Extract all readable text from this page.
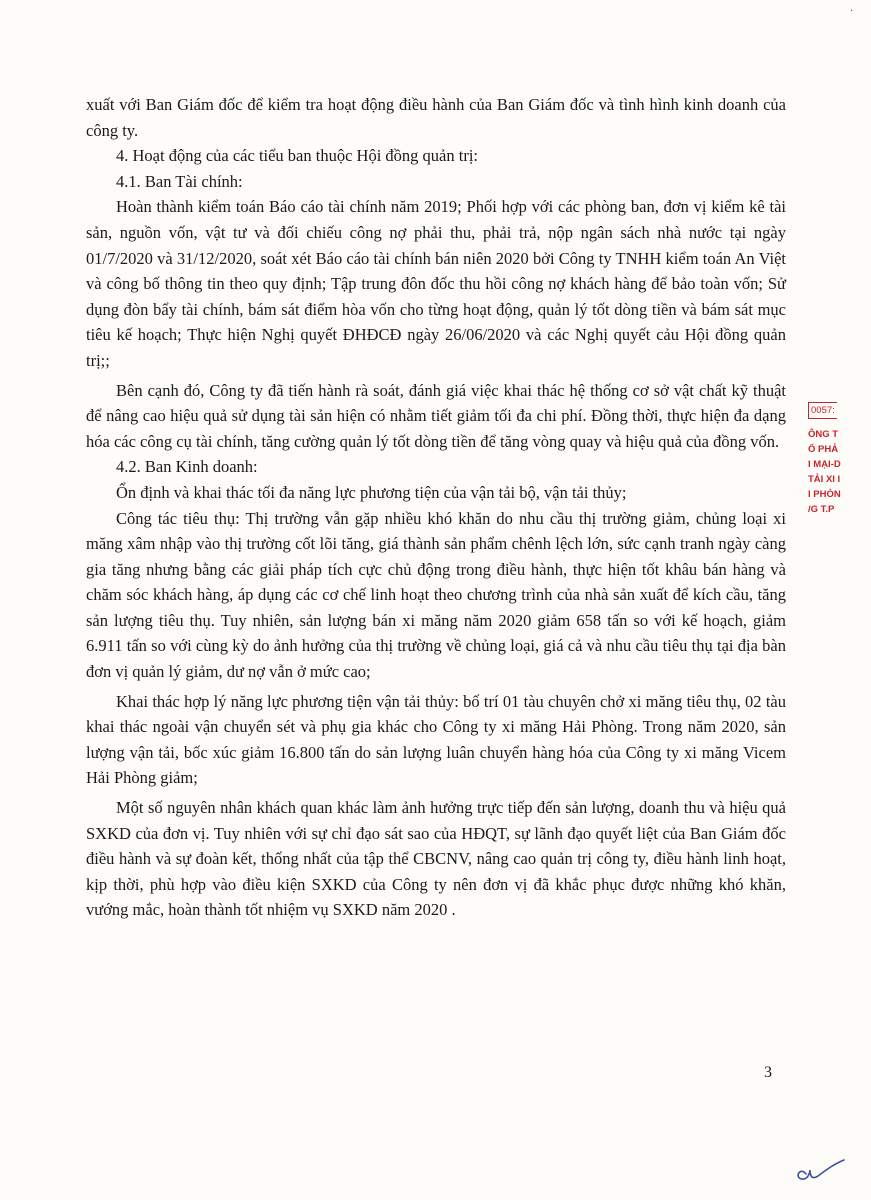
·

xuất với Ban Giám đốc để kiểm tra hoạt động điều hành của Ban Giám đốc và tình hình kinh doanh của công ty.

4. Hoạt động của các tiểu ban thuộc Hội đồng quản trị:

4.1. Ban Tài chính:

Hoàn thành kiểm toán Báo cáo tài chính năm 2019; Phối hợp với các phòng ban, đơn vị kiểm kê tài sản, nguồn vốn, vật tư và đối chiếu công nợ phải thu, phải trả, nộp ngân sách nhà nước tại ngày 01/7/2020 và 31/12/2020, soát xét Báo cáo tài chính bán niên 2020 bởi Công ty TNHH kiểm toán An Việt và công bố thông tin theo quy định; Tập trung đôn đốc thu hồi công nợ khách hàng để bảo toàn vốn; Sử dụng đòn bẩy tài chính, bám sát điểm hòa vốn cho từng hoạt động, quản lý tốt dòng tiền và bám sát mục tiêu kế hoạch; Thực hiện Nghị quyết ĐHĐCĐ ngày 26/06/2020 và các Nghị quyết cảu Hội đồng quản trị;;

Bên cạnh đó, Công ty đã tiến hành rà soát, đánh giá việc khai thác hệ thống cơ sở vật chất kỹ thuật để nâng cao hiệu quả sử dụng tài sản hiện có nhằm tiết giảm tối đa chi phí. Đồng thời, thực hiện đa dạng hóa các công cụ tài chính, tăng cường quản lý tốt dòng tiền để tăng vòng quay và hiệu quả của đồng vốn.

4.2. Ban Kinh doanh:

Ổn định và khai thác tối đa năng lực phương tiện của vận tải bộ, vận tải thủy;

Công tác tiêu thụ: Thị trường vẫn gặp nhiều khó khăn do nhu cầu thị trường giảm, chủng loại xi măng xâm nhập vào thị trường cốt lõi tăng, giá thành sản phẩm chênh lệch lớn, sức cạnh tranh ngày càng gia tăng nhưng bằng các giải pháp tích cực chủ động trong điều hành, thực hiện tốt khâu bán hàng và chăm sóc khách hàng, áp dụng các cơ chế linh hoạt theo chương trình của nhà sản xuất để kích cầu, tăng sản lượng tiêu thụ. Tuy nhiên, sản lượng bán xi măng năm 2020 giảm 658 tấn so với kế hoạch, giảm 6.911 tấn so với cùng kỳ do ảnh hưởng của thị trường về chủng loại, giá cả và nhu cầu tiêu thụ tại địa bàn đơn vị quản lý giảm, dư nợ vẫn ở mức cao;

Khai thác hợp lý năng lực phương tiện vận tải thủy: bố trí 01 tàu chuyên chở xi măng tiêu thụ, 02 tàu khai thác ngoài vận chuyển sét và phụ gia khác cho Công ty xi măng Hải Phòng. Trong năm 2020, sản lượng vận tải, bốc xúc giảm 16.800 tấn do sản lượng luân chuyển hàng hóa của Công ty xi măng Vicem Hải Phòng giảm;

Một số nguyên nhân khách quan khác làm ảnh hưởng trực tiếp đến sản lượng, doanh thu và hiệu quả SXKD của đơn vị. Tuy nhiên với sự chỉ đạo sát sao của HĐQT, sự lãnh đạo quyết liệt của Ban Giám đốc điều hành và sự đoàn kết, thống nhất của tập thể CBCNV, nâng cao quản trị công ty, điều hành linh hoạt, kịp thời, phù hợp vào điều kiện SXKD của Công ty nên đơn vị đã khắc phục được những khó khăn, vướng mắc, hoàn thành tốt nhiệm vụ SXKD năm 2020 .

3
0057:
ÔNG T
Ổ PHẢ
I MẠI-D
TẢI XI I
I PHÒN
/G T.P
